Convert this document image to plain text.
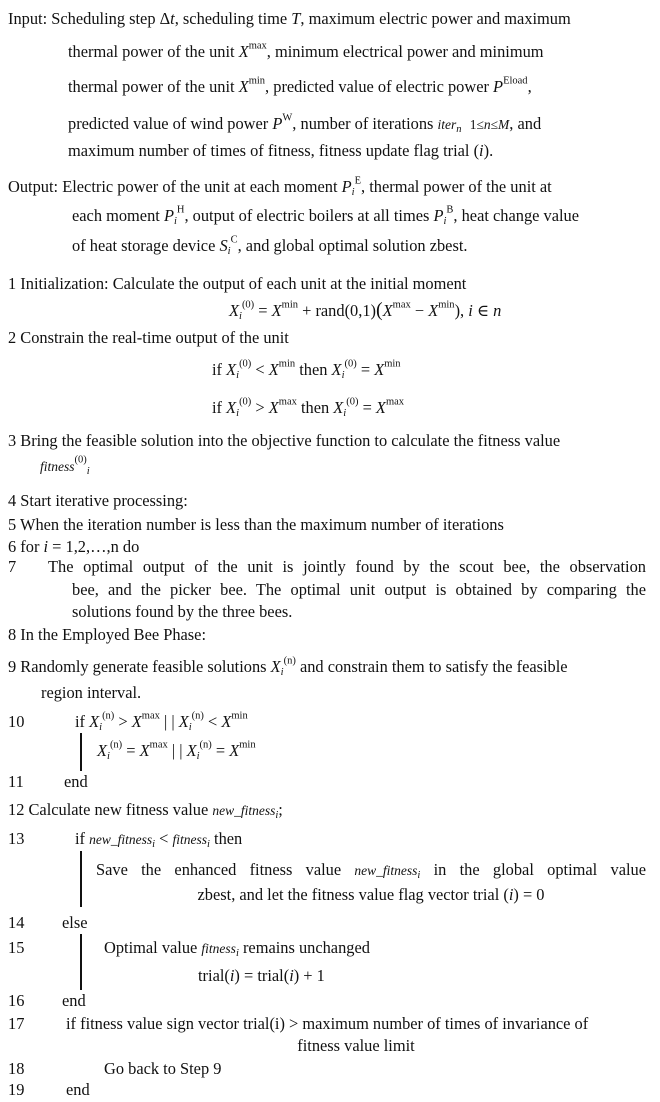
Input: Scheduling step Δt, scheduling time T, maximum electric power and maximum
thermal power of the unit $X^{max}$, minimum electrical power and minimum
thermal power of the unit $X^{min}$, predicted value of electric power $P^{Eload}$,
predicted value of wind power $P^W$, number of iterations iter$_n$ 1≤n≤M, and
maximum number of times of fitness, fitness update flag trial (i).
Output: Electric power of the unit at each moment $P_i^E$, thermal power of the unit at
each moment $P_i^H$, output of electric boilers at all times $P_i^B$, heat change value
of heat storage device $S_i^C$, and global optimal solution zbest.
1 Initialization: Calculate the output of each unit at the initial moment
$X_i^{(0)} = X^{min}$ + $rand(0,1)(X^{max} - X^{min})$, i ∈ n
2 Constrain the real-time output of the unit
if $X_i^{(0)} < X^{min}$ then $X_i^{(0)} = X^{min}$
if $X_i^{(0)} > X^{max}$ then $X_i^{(0)} = X^{max}$
3 Bring the feasible solution into the objective function to calculate the fitness value
fitness$^{(0)}_i$
4 Start iterative processing:
5 When the iteration number is less than the maximum number of iterations
6 for i = 1,2,…,n do
7 The optimal output of the unit is jointly found by the scout bee, the observation
bee, and the picker bee. The optimal unit output is obtained by comparing the
solutions found by the three bees.
8 In the Employed Bee Phase:
9 Randomly generate feasible solutions $X_i^{(n)}$ and constrain them to satisfy the feasible
region interval.
10	if $X_i^{(n)} > X^{max}$ | | $X_i^{(n)} < X^{min}$
$X_i^{(n)} = X^{max}$ | | $X_i^{(n)} = X^{min}$
11 end
12 Calculate new fitness value new_fitness$_i$;
13	if new_fitness$_i$ < fitness$_i$ then
Save the enhanced fitness value new_fitness$_i$ in the global optimal value
zbest, and let the fitness value flag vector trial (i) = 0
14 else
15	Optimal value fitness$_i$ remains unchanged
trial(i) = trial(i) + 1
16 end
17	if fitness value sign vector trial(i) > maximum number of times of invariance of
fitness value limit
18	Go back to Step 9
19	end
